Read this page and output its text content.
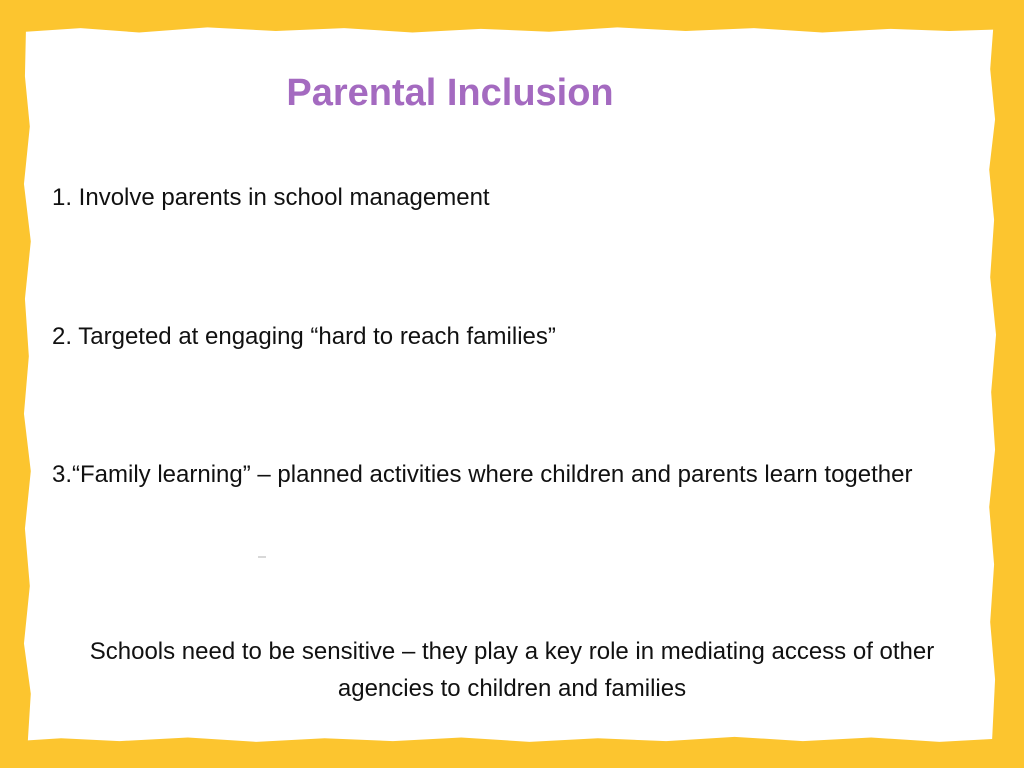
Parental Inclusion

1. Involve parents in school management

2. Targeted at engaging “hard to reach families”

3.“Family learning” – planned activities where children and parents learn together

Schools need to be sensitive – they play a key role in mediating access of other agencies to children and families
